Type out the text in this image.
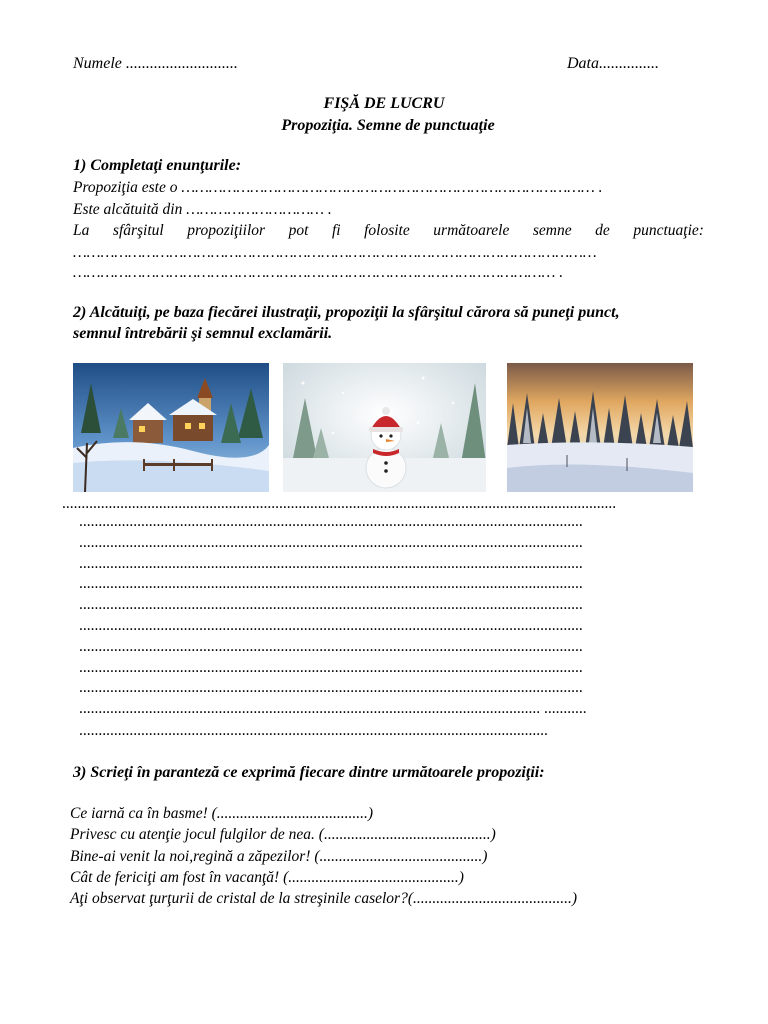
Numele ............................	Data...............
FIŞĂ DE LUCRU
Propoziţia. Semne de punctuaţie
1) Completaţi enunţurile:
Propoziţia este o ……………………………………………………………………………… .
Este alcătuită din ………………………… .
La sfârşitul propoziţiilor pot fi folosite următoarele semne de punctuaţie:
……………………………………………………………………………………………………
…………………………………………………………………………………………… .
2) Alcătuiţi, pe baza fiecărei ilustraţii, propoziţii la sfârşitul cărora să puneţi punct,
semnul întrebării şi semnul exclamării.
...............................................................................................................................................
..................................................................................................................................
..................................................................................................................................
..................................................................................................................................
..................................................................................................................................
..................................................................................................................................
..................................................................................................................................
..................................................................................................................................
..................................................................................................................................
..................................................................................................................................
....................................................................................................................... ...........
.........................................................................................................................
3) Scrieţi în paranteză ce exprimă fiecare dintre următoarele propoziţii:
Ce iarnă ca în basme! (.......................................)
Privesc cu atenţie jocul fulgilor de nea. (...........................................)
Bine-ai venit la noi,regină a zăpezilor! (..........................................)
Cât de fericiţi am fost în vacanţă! (............................................)
Aţi observat ţurţurii de cristal de la streşinile caselor?(.........................................)
